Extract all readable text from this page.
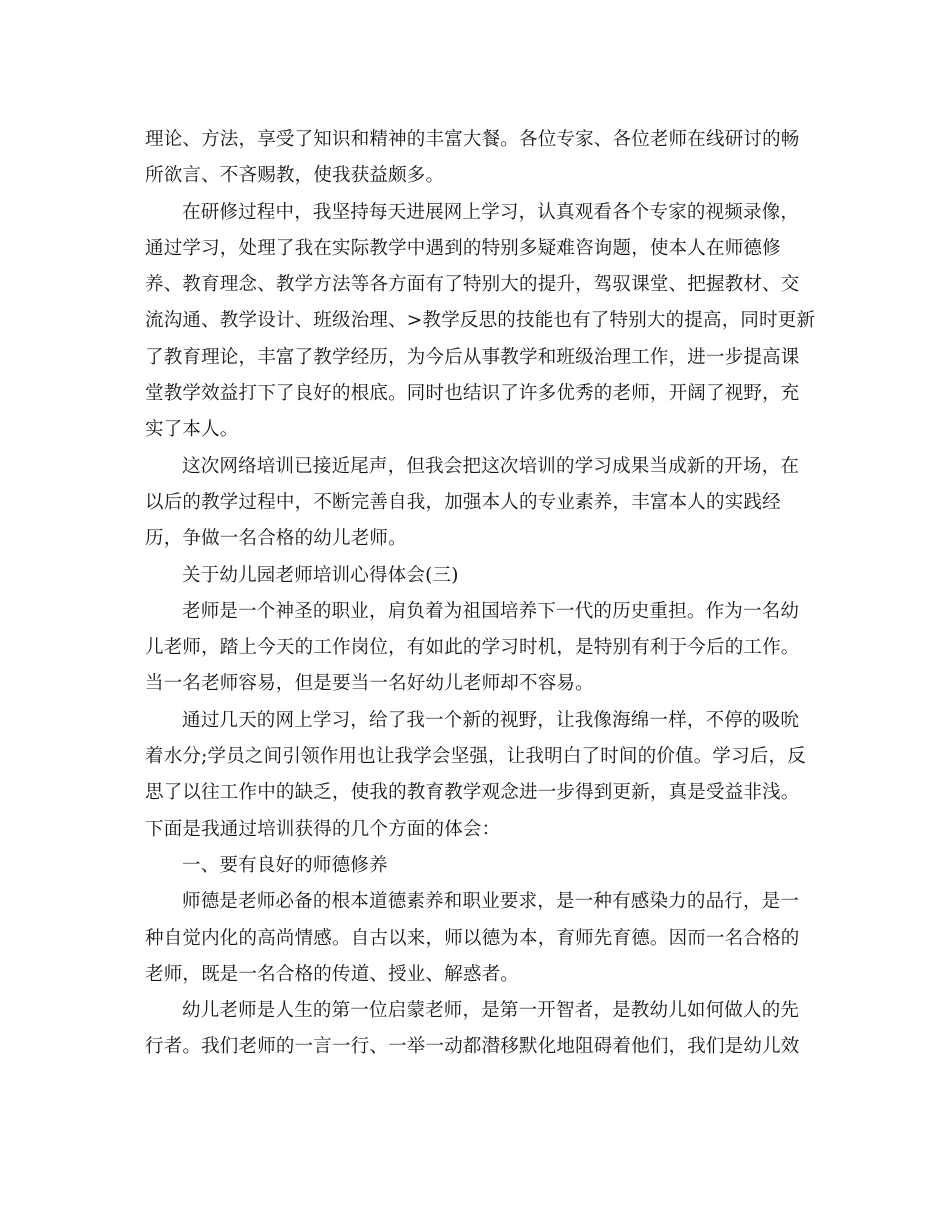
理论、方法，享受了知识和精神的丰富大餐。各位专家、各位老师在线研讨的畅
所欲言、不吝赐教，使我获益颇多。
在研修过程中，我坚持每天进展网上学习，认真观看各个专家的视频录像，
通过学习，处理了我在实际教学中遇到的特别多疑难咨询题，使本人在师德修
养、教育理念、教学方法等各方面有了特别大的提升，驾驭课堂、把握教材、交
流沟通、教学设计、班级治理、>教学反思的技能也有了特别大的提高，同时更新
了教育理论，丰富了教学经历，为今后从事教学和班级治理工作，进一步提高课
堂教学效益打下了良好的根底。同时也结识了许多优秀的老师，开阔了视野，充
实了本人。
这次网络培训已接近尾声，但我会把这次培训的学习成果当成新的开场，在
以后的教学过程中，不断完善自我，加强本人的专业素养，丰富本人的实践经
历，争做一名合格的幼儿老师。
关于幼儿园老师培训心得体会(三)
老师是一个神圣的职业，肩负着为祖国培养下一代的历史重担。作为一名幼
儿老师，踏上今天的工作岗位，有如此的学习时机，是特别有利于今后的工作。
当一名老师容易，但是要当一名好幼儿老师却不容易。
通过几天的网上学习，给了我一个新的视野，让我像海绵一样，不停的吸吮
着水分;学员之间引领作用也让我学会坚强，让我明白了时间的价值。学习后，反
思了以往工作中的缺乏，使我的教育教学观念进一步得到更新，真是受益非浅。
下面是我通过培训获得的几个方面的体会：
一、要有良好的师德修养
师德是老师必备的根本道德素养和职业要求，是一种有感染力的品行，是一
种自觉内化的高尚情感。自古以来，师以德为本，育师先育德。因而一名合格的
老师，既是一名合格的传道、授业、解惑者。
幼儿老师是人生的第一位启蒙老师，是第一开智者，是教幼儿如何做人的先
行者。我们老师的一言一行、一举一动都潜移默化地阻碍着他们，我们是幼儿效
